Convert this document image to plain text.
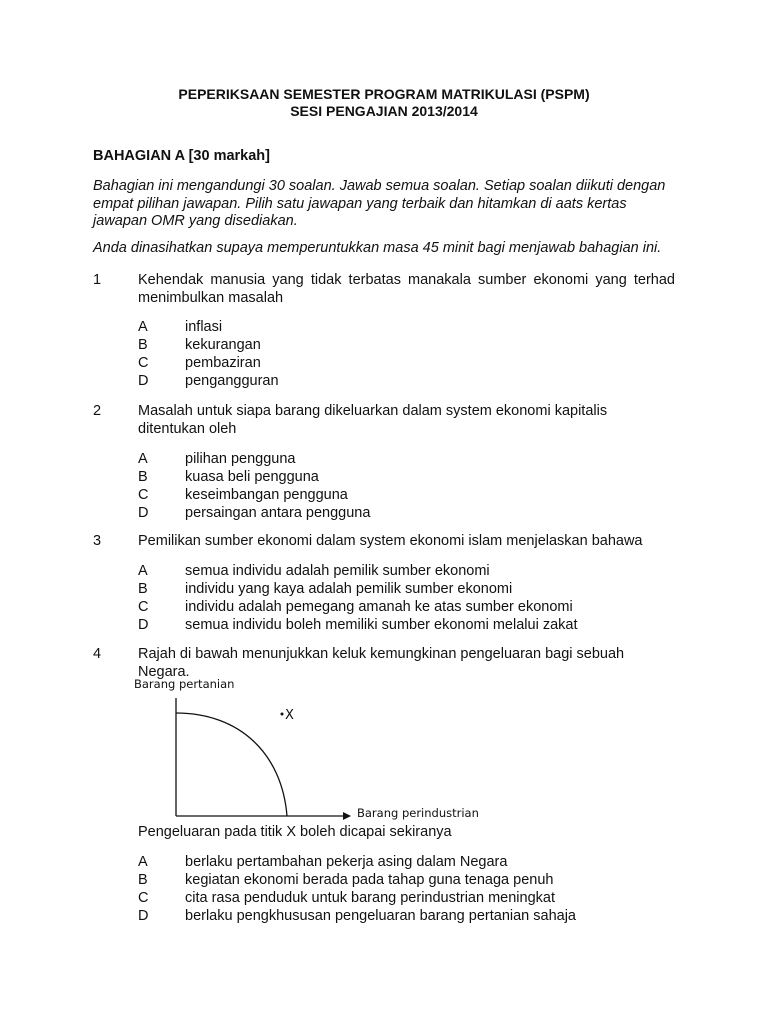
PEPERIKSAAN SEMESTER PROGRAM MATRIKULASI (PSPM)
SESI PENGAJIAN 2013/2014
BAHAGIAN A [30 markah]
Bahagian ini mengandungi 30 soalan. Jawab semua soalan. Setiap soalan diikuti dengan empat pilihan jawapan. Pilih satu jawapan yang terbaik dan hitamkan di aats kertas jawapan OMR yang disediakan.
Anda dinasihatkan supaya memperuntukkan masa 45 minit bagi menjawab bahagian ini.
1	Kehendak manusia yang tidak terbatas manakala sumber ekonomi yang terhad menimbulkan masalah
A	inflasi
B	kekurangan
C	pembaziran
D	pengangguran
2	Masalah untuk siapa barang dikeluarkan dalam system ekonomi kapitalis ditentukan oleh
A	pilihan pengguna
B	kuasa beli pengguna
C	keseimbangan pengguna
D	persaingan antara pengguna
3	Pemilikan sumber ekonomi dalam system ekonomi islam menjelaskan bahawa
A	semua individu adalah pemilik sumber ekonomi
B	individu yang kaya adalah pemilik sumber ekonomi
C	individu adalah pemegang amanah ke atas sumber ekonomi
D	semua individu boleh memiliki sumber ekonomi melalui zakat
4	Rajah di bawah menunjukkan keluk kemungkinan pengeluaran bagi sebuah Negara.
Barang pertanian
X
Barang perindustrian
Pengeluaran pada titik X boleh dicapai sekiranya
A	berlaku pertambahan pekerja asing dalam Negara
B	kegiatan ekonomi berada pada tahap guna tenaga penuh
C	cita rasa penduduk untuk barang perindustrian meningkat
D	berlaku pengkhususan pengeluaran barang pertanian sahaja
